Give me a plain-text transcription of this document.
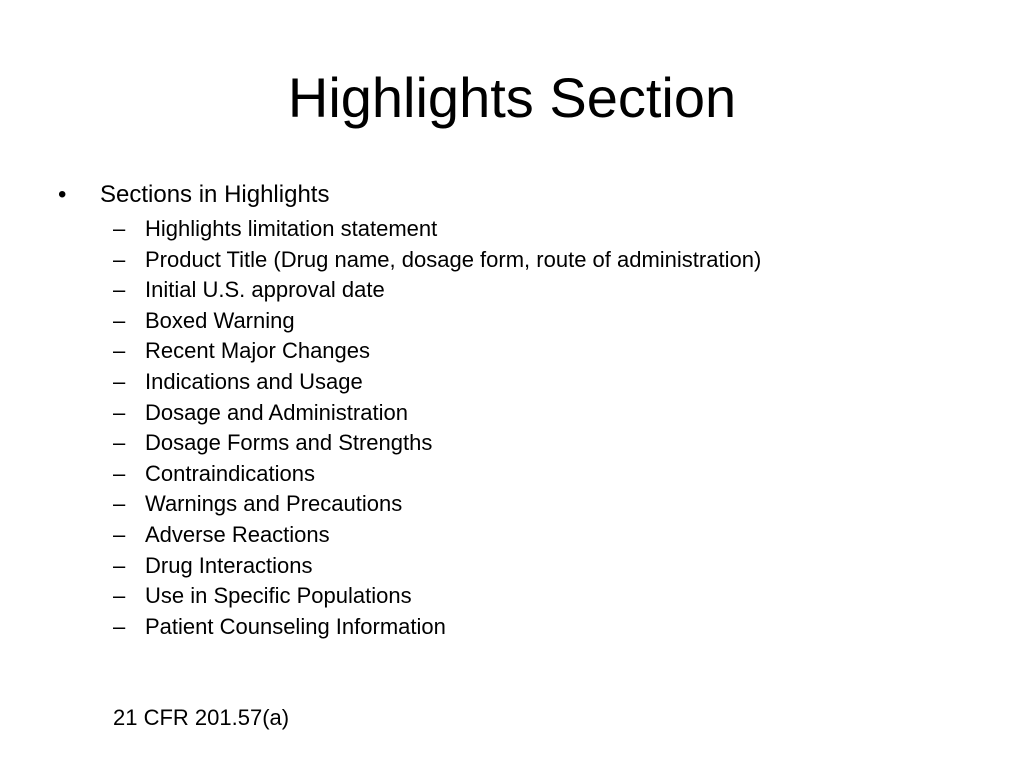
Highlights Section
• Sections in Highlights
– Highlights limitation statement
– Product Title (Drug name, dosage form, route of administration)
– Initial U.S. approval date
– Boxed Warning
– Recent Major Changes
– Indications and Usage
– Dosage and Administration
– Dosage Forms and Strengths
– Contraindications
– Warnings and Precautions
– Adverse Reactions
– Drug Interactions
– Use in Specific Populations
– Patient Counseling Information
21 CFR 201.57(a)
